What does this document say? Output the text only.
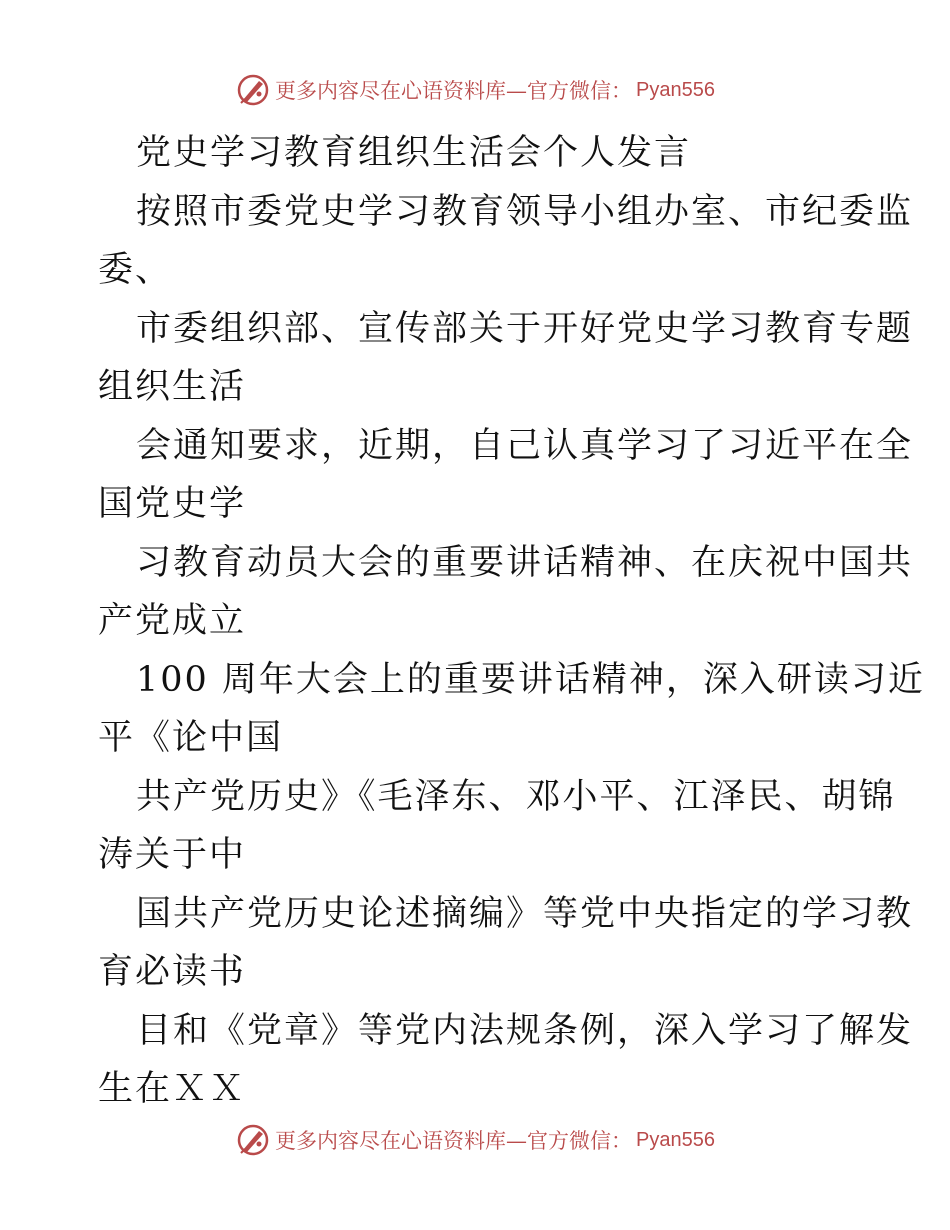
更多内容尽在心语资料库—官方微信： Pyan556
党史学习教育组织生活会个人发言
按照市委党史学习教育领导小组办室、市纪委监
委、
市委组织部、宣传部关于开好党史学习教育专题
组织生活
会通知要求，近期，自己认真学习了习近平在全
国党史学
习教育动员大会的重要讲话精神、在庆祝中国共
产党成立
100 周年大会上的重要讲话精神，深入研读习近
平《论中国
共产党历史》《毛泽东、邓小平、江泽民、胡锦
涛关于中
国共产党历史论述摘编》等党中央指定的学习教
育必读书
目和《党章》等党内法规条例，深入学习了解发
生在ＸＸ
更多内容尽在心语资料库—官方微信： Pyan556
